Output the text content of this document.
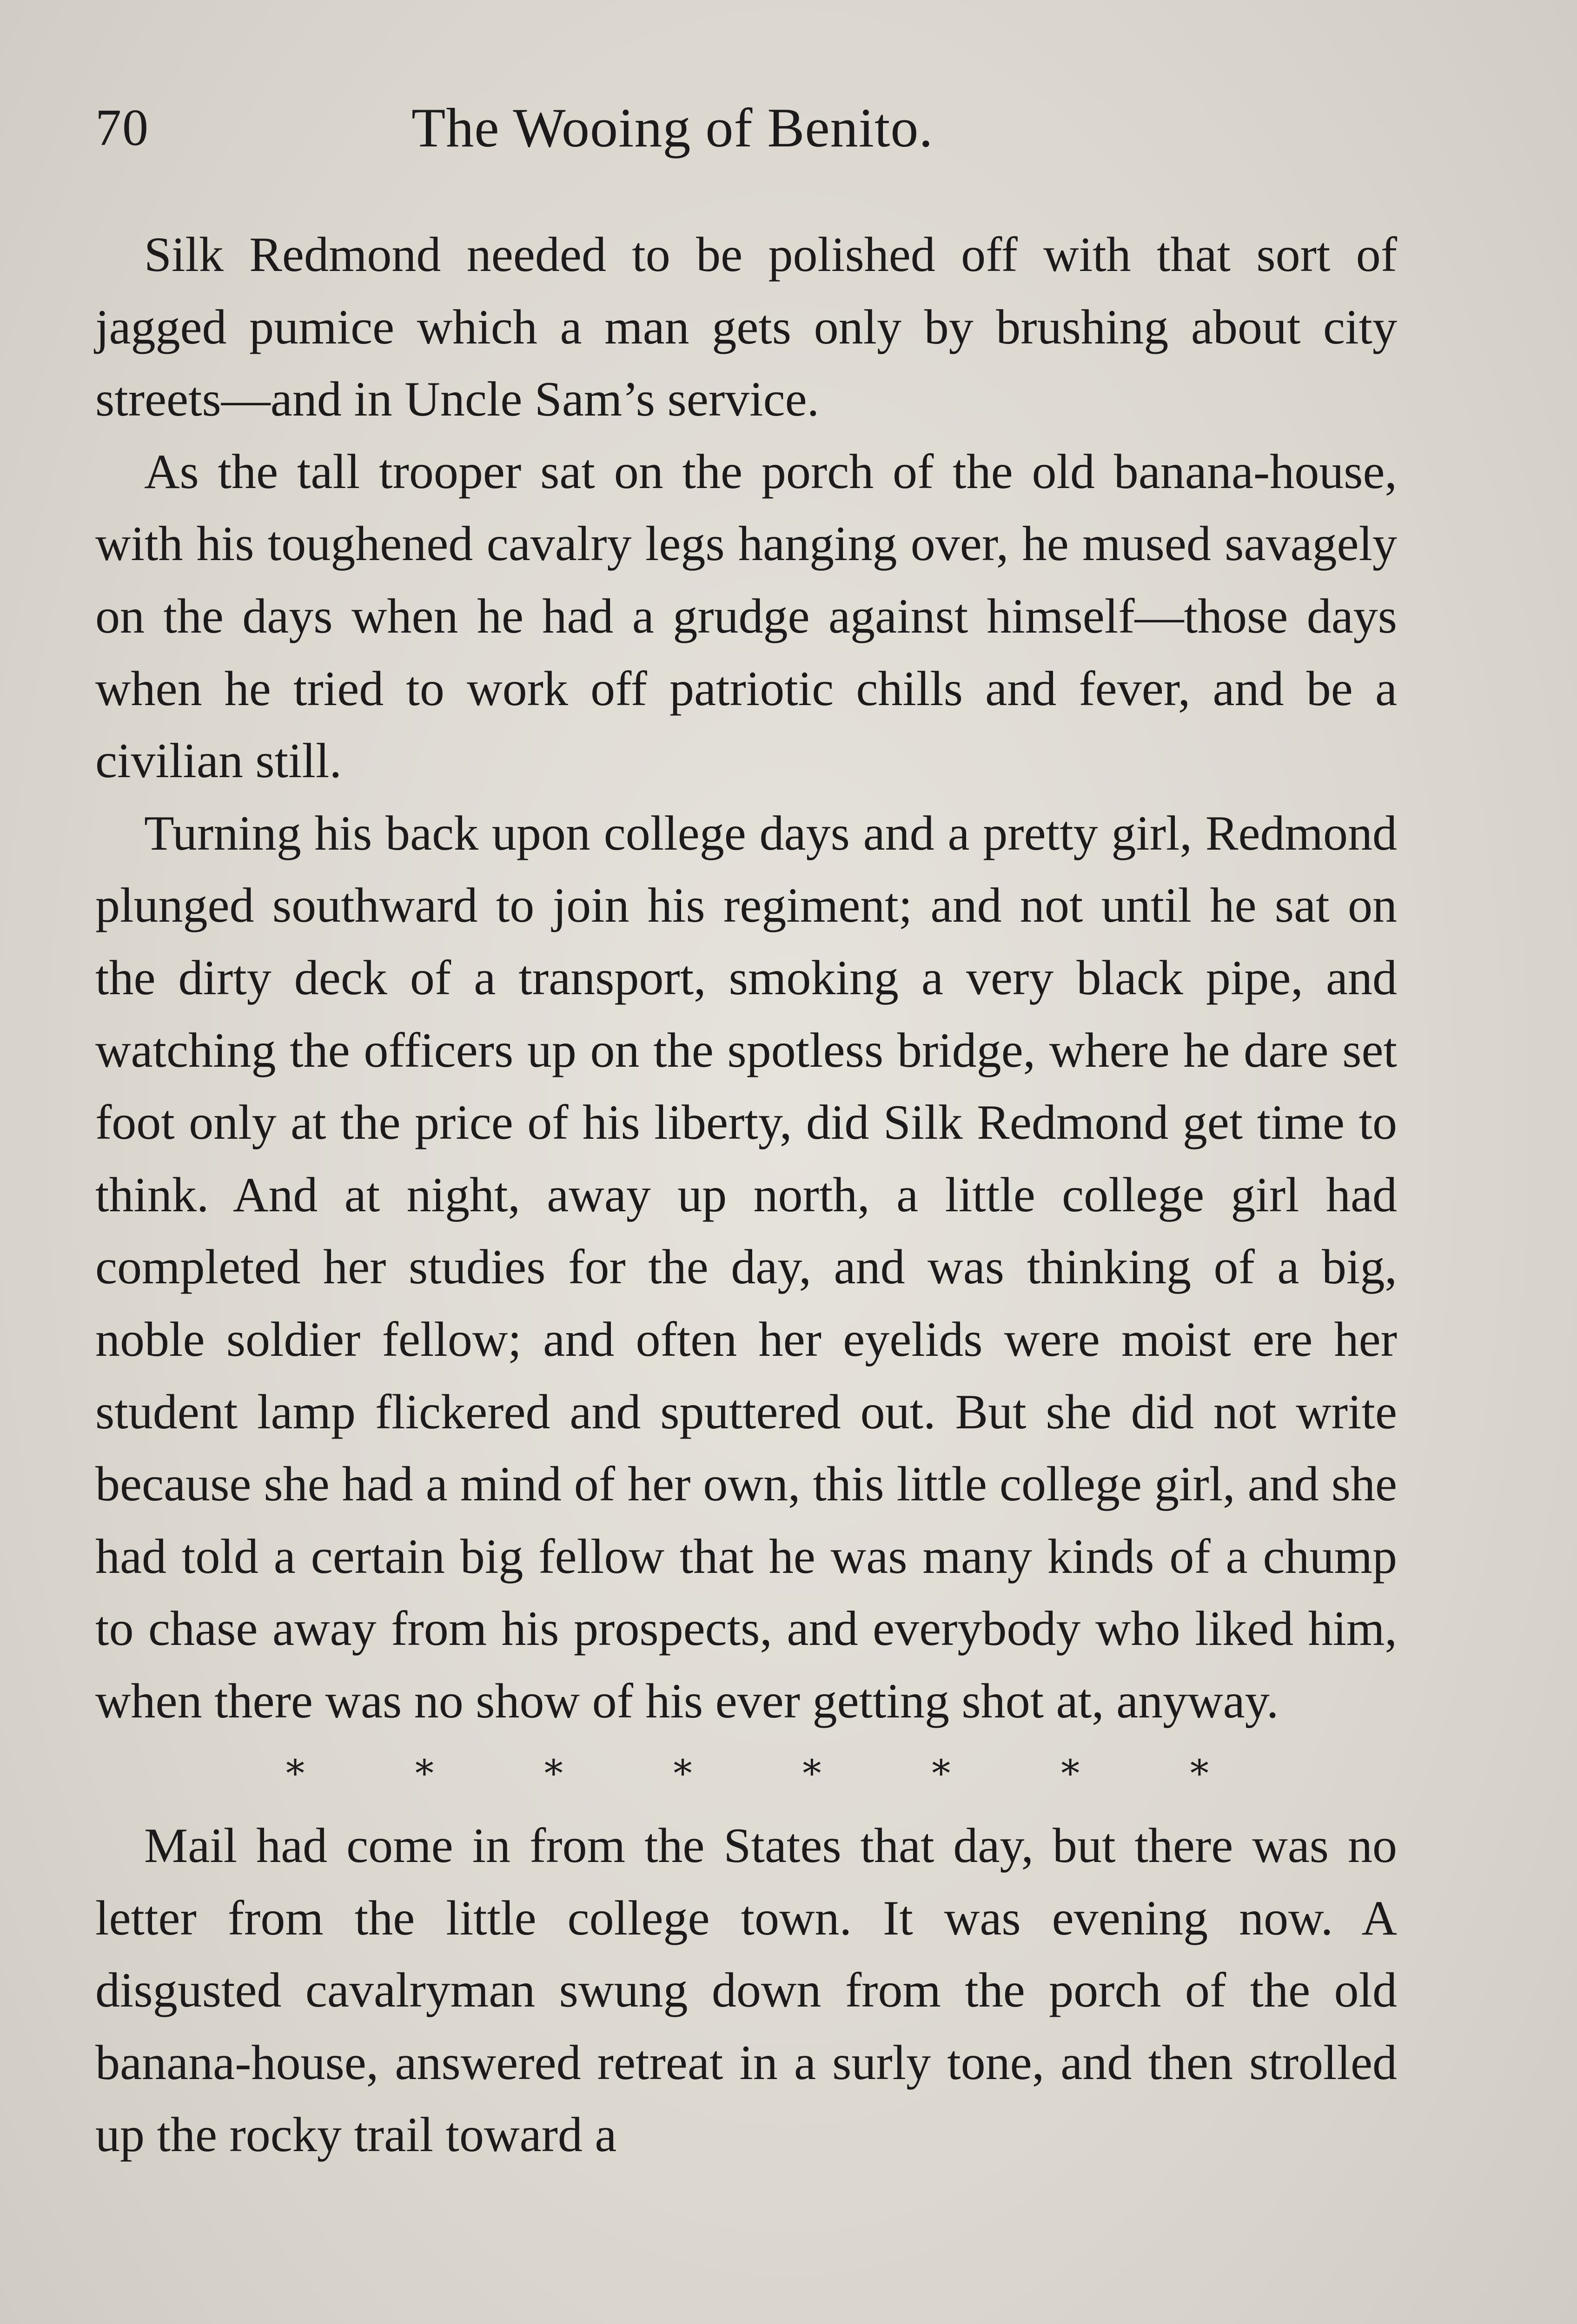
70	The Wooing of Benito.

Silk Redmond needed to be polished off with that sort of jagged pumice which a man gets only by brushing about city streets—and in Uncle Sam’s service.

As the tall trooper sat on the porch of the old banana-house, with his toughened cavalry legs hanging over, he mused savagely on the days when he had a grudge against himself—those days when he tried to work off patriotic chills and fever, and be a civilian still.

Turning his back upon college days and a pretty girl, Redmond plunged southward to join his regiment; and not until he sat on the dirty deck of a transport, smoking a very black pipe, and watching the officers up on the spotless bridge, where he dare set foot only at the price of his liberty, did Silk Redmond get time to think. And at night, away up north, a little college girl had completed her studies for the day, and was thinking of a big, noble soldier fellow; and often her eyelids were moist ere her student lamp flickered and sputtered out. But she did not write because she had a mind of her own, this little college girl, and she had told a certain big fellow that he was many kinds of a chump to chase away from his prospects, and everybody who liked him, when there was no show of his ever getting shot at, anyway.

*	*	*	*	*	*	*	*

Mail had come in from the States that day, but there was no letter from the little college town. It was evening now. A disgusted cavalryman swung down from the porch of the old banana-house, answered retreat in a surly tone, and then strolled up the rocky trail toward a
